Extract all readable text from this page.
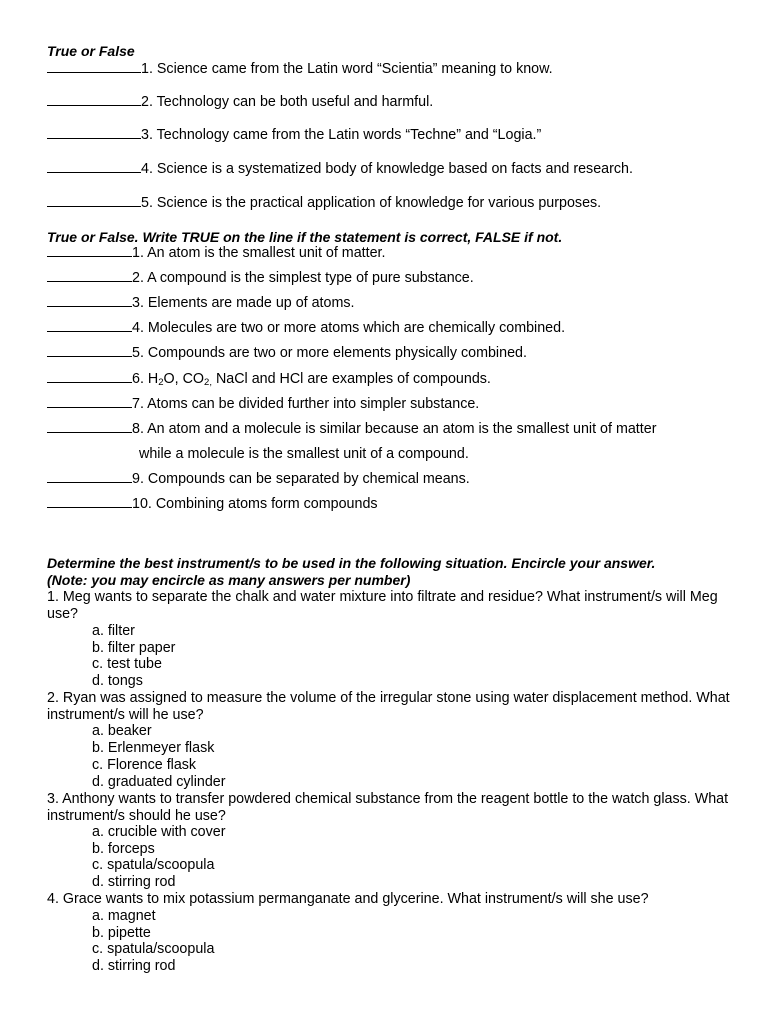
True or False
1. Science came from the Latin word “Scientia” meaning to know.
2. Technology can be both useful and harmful.
3. Technology came from the Latin words “Techne” and “Logia.”
4. Science is a systematized body of knowledge based on facts and research.
5. Science is the practical application of knowledge for various purposes.
True or False. Write TRUE on the line if the statement is correct, FALSE if not.
1. An atom is the smallest unit of matter.
2. A compound is the simplest type of pure substance.
3. Elements are made up of atoms.
4. Molecules are two or more atoms which are chemically combined.
5. Compounds are two or more elements physically combined.
6. $H_2O$, $CO_{2,}$ NaCl and HCl are examples of compounds.
7. Atoms can be divided further into simpler substance.
8. An atom and a molecule is similar because an atom is the smallest unit of matter
while a molecule is the smallest unit of a compound.
9. Compounds can be separated by chemical means.
10. Combining atoms form compounds
Determine the best instrument/s to be used in the following situation. Encircle your answer.
(Note: you may encircle as many answers per number)
1. Meg wants to separate the chalk and water mixture into filtrate and residue? What instrument/s will Meg use?
a. filter
b. filter paper
c. test tube
d. tongs
2. Ryan was assigned to measure the volume of the irregular stone using water displacement method. What instrument/s will he use?
a. beaker
b. Erlenmeyer flask
c. Florence flask
d. graduated cylinder
3. Anthony wants to transfer powdered chemical substance from the reagent bottle to the watch glass. What instrument/s should he use?
a. crucible with cover
b. forceps
c. spatula/scoopula
d. stirring rod
4. Grace wants to mix potassium permanganate and glycerine. What instrument/s will she use?
a. magnet
b. pipette
c. spatula/scoopula
d. stirring rod
